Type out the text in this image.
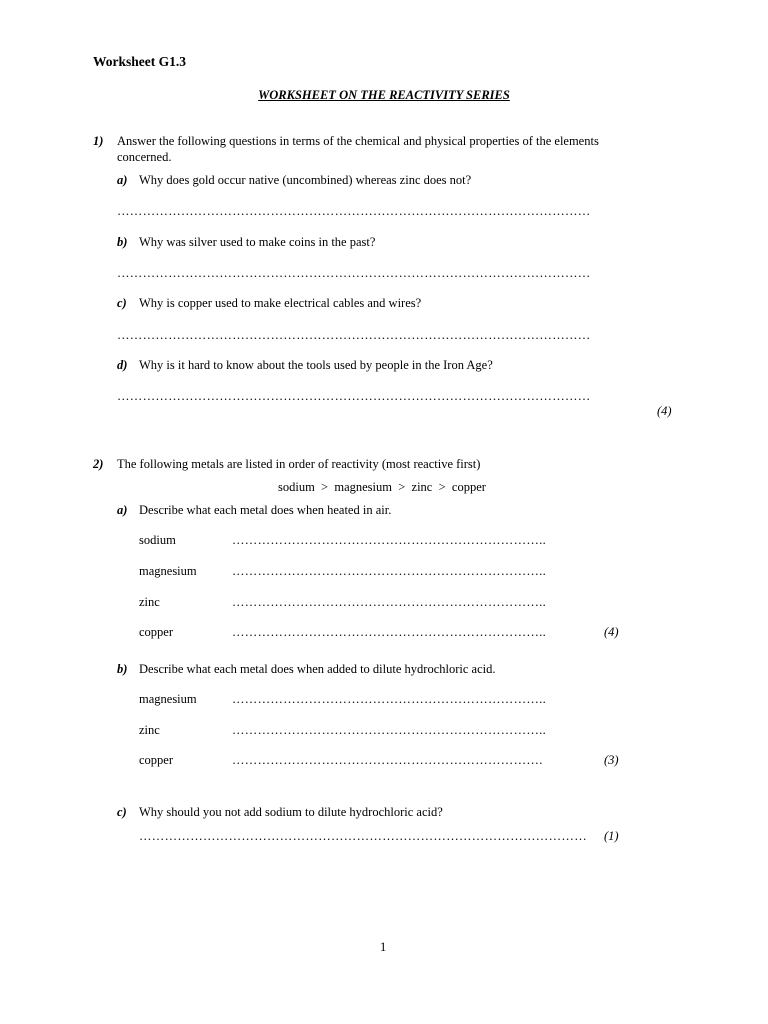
Worksheet G1.3
WORKSHEET ON THE REACTIVITY SERIES
1) Answer the following questions in terms of the chemical and physical properties of the elements
concerned.
a) Why does gold occur native (uncombined) whereas zinc does not?
…………………………………………………………………………………………………
b) Why was silver used to make coins in the past?
…………………………………………………………………………………………………
c) Why is copper used to make electrical cables and wires?
…………………………………………………………………………………………………
d) Why is it hard to know about the tools used by people in the Iron Age?
…………………………………………………………………………………………………
(4)
2) The following metals are listed in order of reactivity (most reactive first)
sodium  >  magnesium  >  zinc  >  copper
a) Describe what each metal does when heated in air.
sodium	………………………………………………………………..
magnesium	………………………………………………………………..
zinc	………………………………………………………………..
copper	………………………………………………………………..	(4)
b) Describe what each metal does when added to dilute hydrochloric acid.
magnesium	………………………………………………………………..
zinc	………………………………………………………………..
copper	……………………………………………………………….	(3)
c) Why should you not add sodium to dilute hydrochloric acid?
…………………………………………………………………………………………… (1)
1
